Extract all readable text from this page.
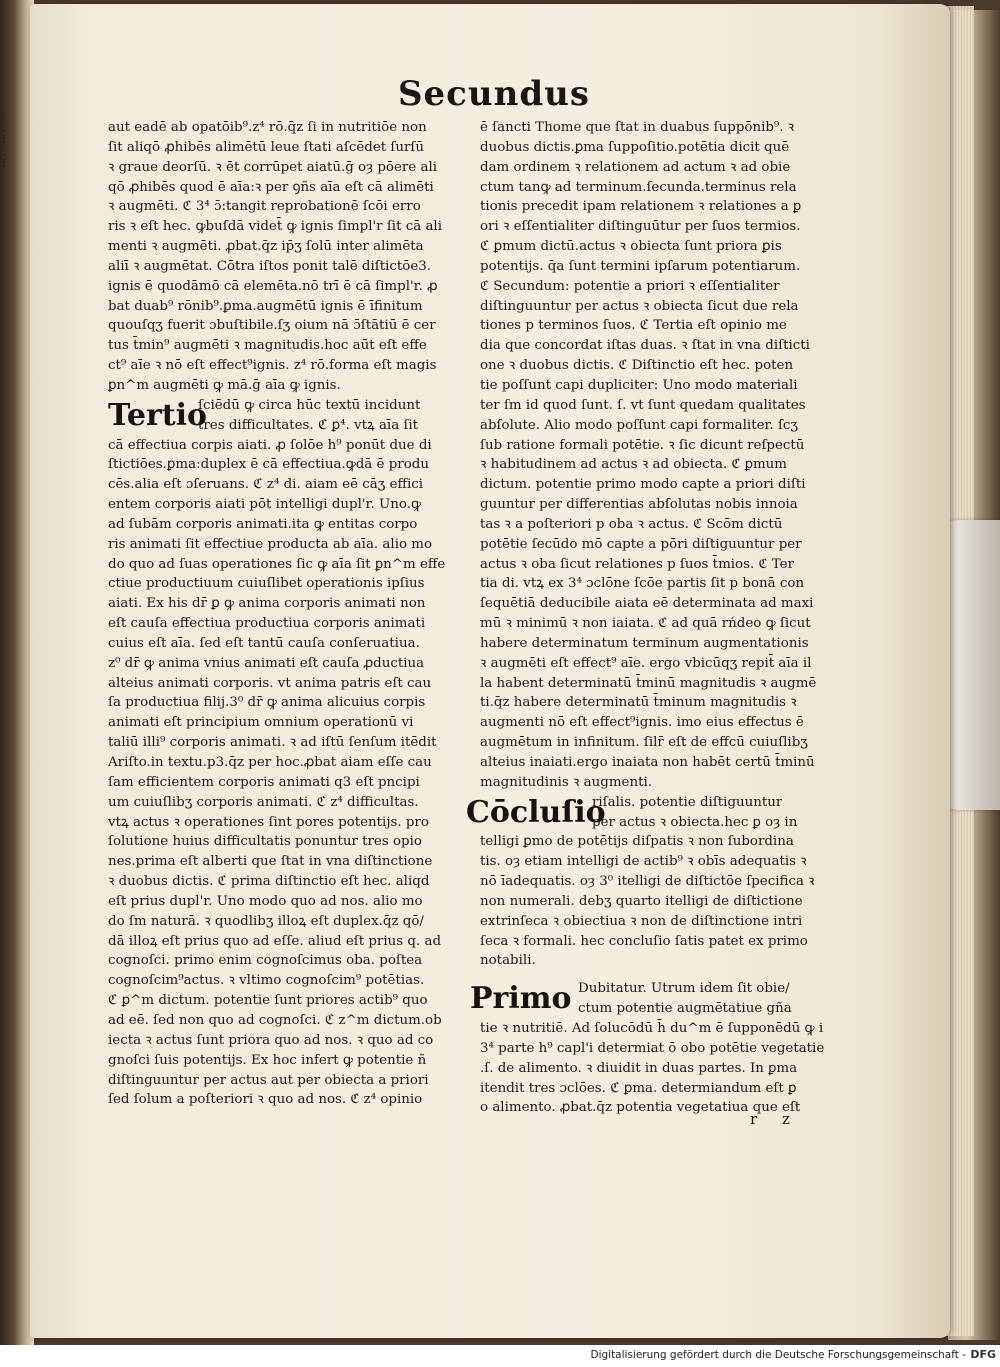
,
:
i
:
f
Secundus
aut eadē ab opatōib⁹.z⁴ rō.q̄z ſi in nutritiōe non
ſit aliqō ꝓhibēs alimētū leue ſtati aſcēdet ſurſū
ꝛ graue deorſū. ꝛ ēt corrūpet aiatū.ḡ oȝ pōere ali
qō ꝓhibēs quod ē aīa:ꝛ per ꝯñs aīa eſt cā alimēti
ꝛ augmēti. ℭ 3⁴ ɔ̄:tangit reprobationē ſcōi erro
ris ꝛ eſt hec. ꝙbuſdā videt̄ ꝙ ignis ſimpl'r ſit cā ali
menti ꝛ augmēti. ꝓbat.q̄z ip̄ʒ ſolū inter alimēta
aliī ꝛ augmētat. Cōtra iſtos ponit talē diſtictōe3.
ignis ē quodāmō cā elemēta.nō trī ē cā ſimpl'r. ꝓ
bat duab⁹ rōnib⁹.ꝑma.augmētū ignis ē īfinitum
quouſqʒ fuerit ɔbuſtibile.ſʒ oium nā ɔ̄ſtātiū ē cer
tus t̄min⁹ augmēti ꝛ magnitudis.hoc aūt eſt effe
ct⁹ aīe ꝛ nō eſt effect⁹ignis. z⁴ rō.forma eſt magis
ꝑn^m augmēti ꝙ mā.ḡ aīa ꝙ ignis.
Tertio
ſciēdū ꝙ circa hūc textū incidunt
tres difficultates. ℭ ꝑ⁴. vtꝝ aīa ſit
cā effectiua corpis aiati. ꝓ ſolōe h⁹ ponūt due di
ſtictiōes.ꝑma:duplex ē cā effectiua.ꝙdā ē produ
cēs.alia eſt ɔſeruans. ℭ z⁴ di. aiam eē cāʒ effici
entem corporis aiati pōt intelligi dupl'r. Uno.ꝙ
ad ſubām corporis animati.ita ꝙ entitas corpo
ris animati ſit effectiue producta ab aīa. alio mo
do quo ad ſuas operationes ſic ꝙ aīa ſit ꝑn^m effe
ctiue productiuum cuiuſlibet operationis ipſius
aiati. Ex his dr̄ ꝑ ꝙ anima corporis animati non
eſt cauſa effectiua productiua corporis animati
cuius eſt aīa. ſed eſt tantū cauſa conſeruatiua.
z⁰ dr̄ ꝙ anima vnius animati eſt cauſa ꝓductiua
alteius animati corporis. vt anima patris eſt cau
ſa productiua filij.3⁰ dr̄ ꝙ anima alicuius corpis
animati eſt principium omnium operationū vi
taliū illi⁹ corporis animati. ꝛ ad iſtū ſenſum itēdit
Ariſto.in textu.p3.q̄z per hoc.ꝓbat aiam eſſe cau
ſam efficientem corporis animati q3 eſt pncipi
um cuiuſlibʒ corporis animati. ℭ z⁴ difficultas.
vtꝝ actus ꝛ operationes ſint pores potentijs. pro
ſolutione huius difficultatis ponuntur tres opio
nes.prima eſt alberti que ſtat in vna diſtinctione
ꝛ duobus dictis. ℭ prima diſtinctio eſt hec. aliqd
eſt prius dupl'r. Uno modo quo ad nos. alio mo
do ſm naturā. ꝛ quodlibʒ illoꝝ eſt duplex.q̄z qō/
dā illoꝝ eſt prius quo ad eſſe. aliud eſt prius q. ad
cognoſci. primo enim cognoſcimus oba. poſtea
cognoſcim⁹actus. ꝛ vltimo cognoſcim⁹ potētias.
ℭ ꝑ^m dictum. potentie ſunt priores actib⁹ quo
ad eē. ſed non quo ad cognoſci. ℭ z^m dictum.ob
iecta ꝛ actus ſunt priora quo ad nos. ꝛ quo ad co
gnoſci ſuis potentijs. Ex hoc infert ꝙ potentie ñ
diſtinguuntur per actus aut per obiecta a priori
ſed ſolum a poſteriori ꝛ quo ad nos. ℭ z⁴ opinio
ē ſancti Thome que ſtat in duabus ſuppōnib⁹. ꝛ
duobus dictis.ꝑma ſuppoſitio.potētia dicit quē
dam ordinem ꝛ relationem ad actum ꝛ ad obie
ctum tanꝙ ad terminum.ſecunda.terminus rela
tionis precedit ipam relationem ꝛ relationes a ꝑ
ori ꝛ eſſentialiter diſtinguūtur per ſuos termios.
ℭ ꝑmum dictū.actus ꝛ obiecta ſunt priora ꝑis
potentijs. q̄a ſunt termini ipſarum potentiarum.
ℭ Secundum: potentie a priori ꝛ eſſentialiter
diſtinguuntur per actus ꝛ obiecta ſicut due rela
tiones p terminos ſuos. ℭ Tertia eſt opinio me
dia que concordat iſtas duas. ꝛ ſtat in vna diſticti
one ꝛ duobus dictis. ℭ Diſtinctio eſt hec. poten
tie poſſunt capi dupliciter: Uno modo materiali
ter ſm id quod ſunt. ſ. vt ſunt quedam qualitates
abſolute. Alio modo poſſunt capi formaliter. ſcʒ
ſub ratione formali potētie. ꝛ ſic dicunt reſpectū
ꝛ habitudinem ad actus ꝛ ad obiecta. ℭ ꝑmum
dictum. potentie primo modo capte a priori diſti
guuntur per differentias abſolutas nobis innoia
tas ꝛ a poſteriori p oba ꝛ actus. ℭ Scōm dictū
potētie ſecūdo mō capte a pōri diſtiguuntur per
actus ꝛ oba ſicut relationes p ſuos t̄mios. ℭ Ter
tia di. vtꝝ ex 3⁴ ɔclōne ſcōe partis ſit p bonā con
ſequētiā deducibile aiata eē determinata ad maxi
mū ꝛ minimū ꝛ non iaiata. ℭ ad quā rńdeo ꝙ ſicut
habere determinatum terminum augmentationis
ꝛ augmēti eſt effect⁹ aīe. ergo vbicūqʒ repit̄ aīa il
la habent determinatū t̄minū magnitudis ꝛ augmē
ti.q̄z habere determinatū t̄minum magnitudis ꝛ
augmenti nō eſt effect⁹ignis. imo eius effectus ē
augmētum in infinitum. ſilr̄ eſt de effcū cuiuſlibʒ
alteius inaiati.ergo inaiata non habēt certū t̄minū
magnitudinis ꝛ augmenti.
Cōcluſio
riſalis. potentie diſtiguuntur
per actus ꝛ obiecta.hec ꝑ oȝ in
telligi ꝑmo de potētijs diſpatis ꝛ non ſubordina
tis. oȝ etiam intelligi de actib⁹ ꝛ obīs adequatis ꝛ
nō īadequatis. oȝ 3⁰ itelligi de diſtictōe ſpecifica ꝛ
non numerali. debʒ quarto itelligi de diſtictione
extrinſeca ꝛ obiectiua ꝛ non de diſtinctione intri
ſeca ꝛ formali. hec concluſio ſatis patet ex primo
notabili.
Primo Dubitatur. Utrum idem ſit obie/
ctum potentie augmētatiue gña
tie ꝛ nutritiē. Ad ſolucōdū h̄ du^m ē ſupponēdū ꝙ i
3⁴ parte h⁹ capl'i determiat ō obo potētie vegetatie
.ſ. de alimento. ꝛ diuidit in duas partes. In ꝑma
itendit tres ɔclōes. ℭ ꝑma. determiandum eſt ꝑ
o alimento. ꝓbat.q̄z potentia vegetatiua que eſt
r z
Digitalisierung gefördert durch die Deutsche Forschungsgemeinschaft - DFG
